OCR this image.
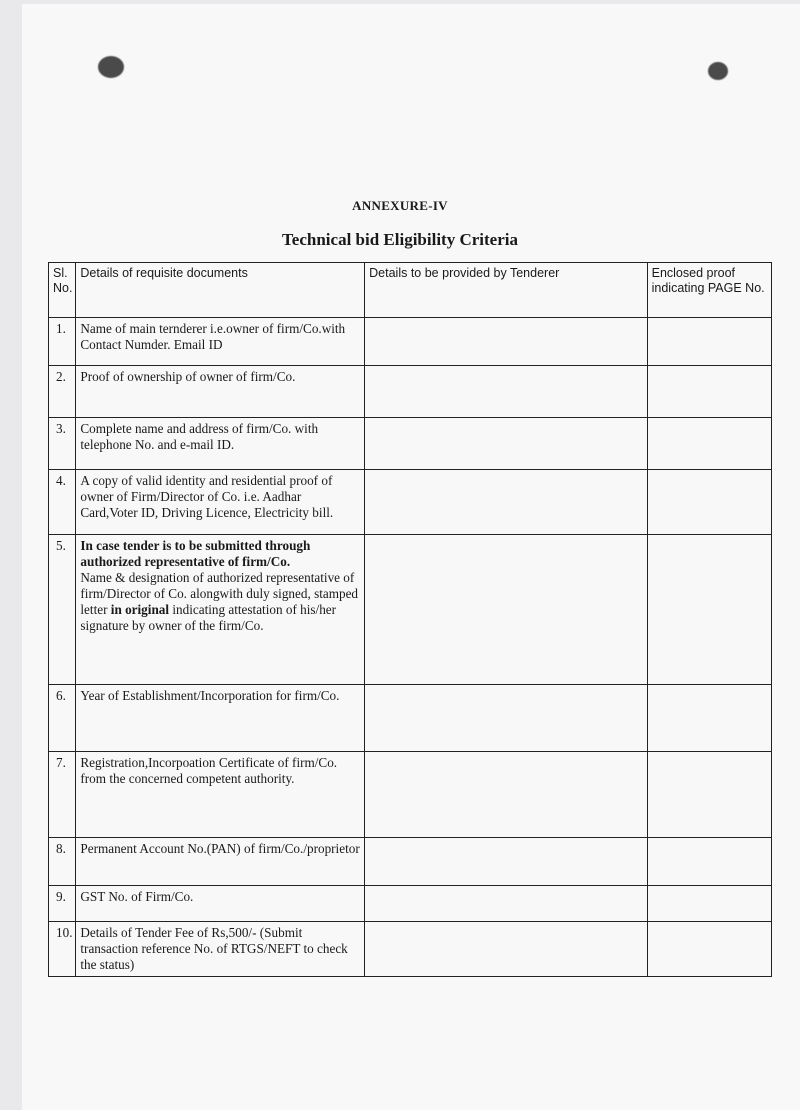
ANNEXURE-IV
Technical bid Eligibility Criteria
Sl. No.	Details of requisite documents	Details to be provided by Tenderer	Enclosed proof indicating PAGE No.
1.	Name of main ternderer i.e.owner of firm/Co.with Contact Numder. Email ID		
2.	Proof of ownership of owner of firm/Co.		
3.	Complete name and address of firm/Co. with telephone No. and e-mail ID.		
4.	A copy of valid identity and residential proof of owner of Firm/Director of Co. i.e. Aadhar Card,Voter ID, Driving Licence, Electricity bill.		
5.	In case tender is to be submitted through authorized representative of firm/Co.
Name & designation of authorized representative of firm/Director of Co. alongwith duly signed, stamped letter in original indicating attestation of his/her signature by owner of the firm/Co.		
6.	Year of Establishment/Incorporation for firm/Co.		
7.	Registration,Incorpoation Certificate of firm/Co. from the concerned competent authority.		
8.	Permanent Account No.(PAN) of firm/Co./proprietor		
9.	GST No. of Firm/Co.		
10.	Details of Tender Fee of Rs,500/- (Submit transaction reference No. of RTGS/NEFT to check the status)		
